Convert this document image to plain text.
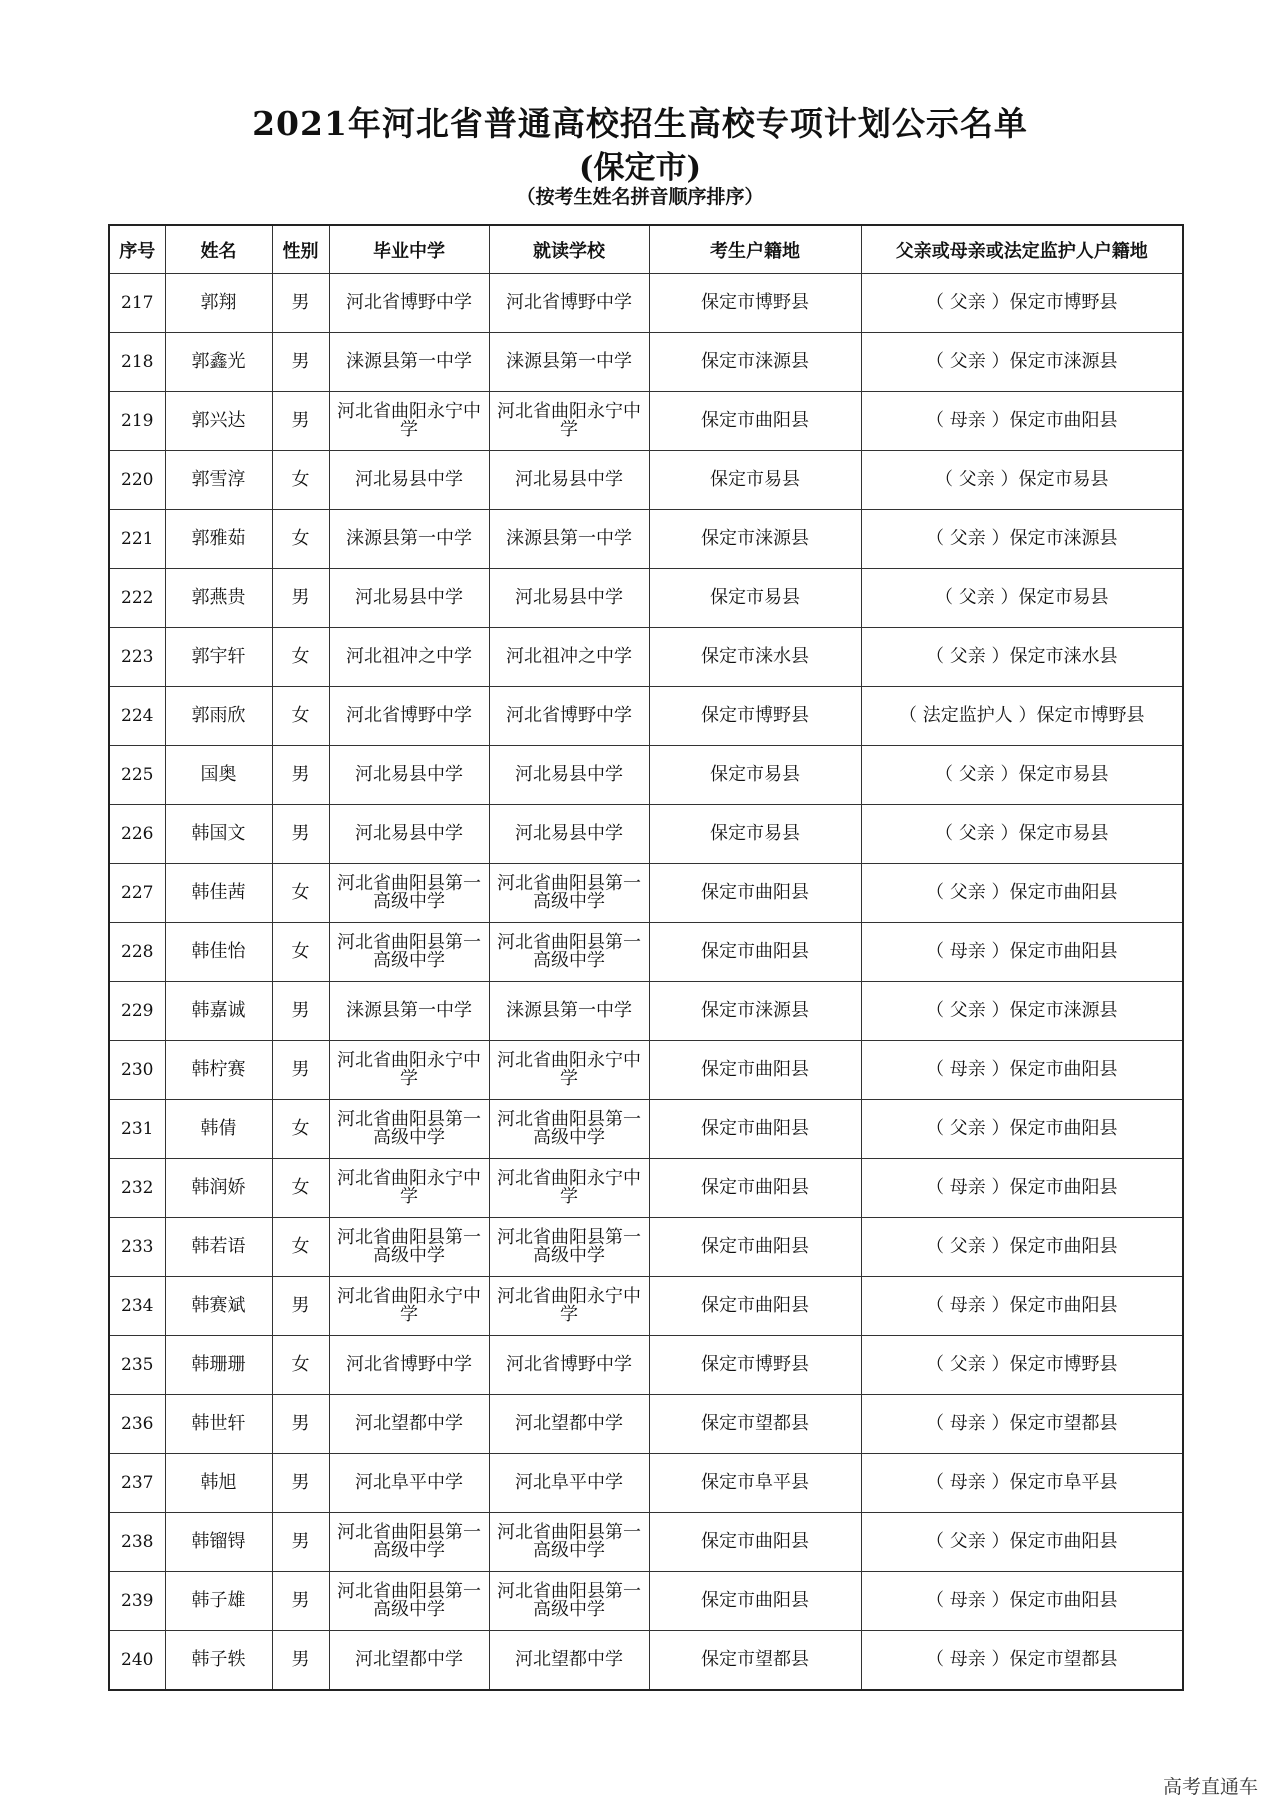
2021年河北省普通高校招生高校专项计划公示名单
(保定市)
（按考生姓名拼音顺序排序）
序号	姓名	性别	毕业中学	就读学校	考生户籍地	父亲或母亲或法定监护人户籍地
217	郭翔	男	河北省博野中学	河北省博野中学	保定市博野县	（ 父亲 ）保定市博野县
218	郭鑫光	男	涞源县第一中学	涞源县第一中学	保定市涞源县	（ 父亲 ）保定市涞源县
219	郭兴达	男	河北省曲阳永宁中学	河北省曲阳永宁中学	保定市曲阳县	（ 母亲 ）保定市曲阳县
220	郭雪淳	女	河北易县中学	河北易县中学	保定市易县	（ 父亲 ）保定市易县
221	郭雅茹	女	涞源县第一中学	涞源县第一中学	保定市涞源县	（ 父亲 ）保定市涞源县
222	郭燕贵	男	河北易县中学	河北易县中学	保定市易县	（ 父亲 ）保定市易县
223	郭宇轩	女	河北祖冲之中学	河北祖冲之中学	保定市涞水县	（ 父亲 ）保定市涞水县
224	郭雨欣	女	河北省博野中学	河北省博野中学	保定市博野县	（ 法定监护人 ）保定市博野县
225	国奥	男	河北易县中学	河北易县中学	保定市易县	（ 父亲 ）保定市易县
226	韩国文	男	河北易县中学	河北易县中学	保定市易县	（ 父亲 ）保定市易县
227	韩佳茜	女	河北省曲阳县第一高级中学	河北省曲阳县第一高级中学	保定市曲阳县	（ 父亲 ）保定市曲阳县
228	韩佳怡	女	河北省曲阳县第一高级中学	河北省曲阳县第一高级中学	保定市曲阳县	（ 母亲 ）保定市曲阳县
229	韩嘉诚	男	涞源县第一中学	涞源县第一中学	保定市涞源县	（ 父亲 ）保定市涞源县
230	韩柠赛	男	河北省曲阳永宁中学	河北省曲阳永宁中学	保定市曲阳县	（ 母亲 ）保定市曲阳县
231	韩倩	女	河北省曲阳县第一高级中学	河北省曲阳县第一高级中学	保定市曲阳县	（ 父亲 ）保定市曲阳县
232	韩润娇	女	河北省曲阳永宁中学	河北省曲阳永宁中学	保定市曲阳县	（ 母亲 ）保定市曲阳县
233	韩若语	女	河北省曲阳县第一高级中学	河北省曲阳县第一高级中学	保定市曲阳县	（ 父亲 ）保定市曲阳县
234	韩赛斌	男	河北省曲阳永宁中学	河北省曲阳永宁中学	保定市曲阳县	（ 母亲 ）保定市曲阳县
235	韩珊珊	女	河北省博野中学	河北省博野中学	保定市博野县	（ 父亲 ）保定市博野县
236	韩世轩	男	河北望都中学	河北望都中学	保定市望都县	（ 母亲 ）保定市望都县
237	韩旭	男	河北阜平中学	河北阜平中学	保定市阜平县	（ 母亲 ）保定市阜平县
238	韩镏锝	男	河北省曲阳县第一高级中学	河北省曲阳县第一高级中学	保定市曲阳县	（ 父亲 ）保定市曲阳县
239	韩子雄	男	河北省曲阳县第一高级中学	河北省曲阳县第一高级中学	保定市曲阳县	（ 母亲 ）保定市曲阳县
240	韩子轶	男	河北望都中学	河北望都中学	保定市望都县	（ 母亲 ）保定市望都县
高考直通车
